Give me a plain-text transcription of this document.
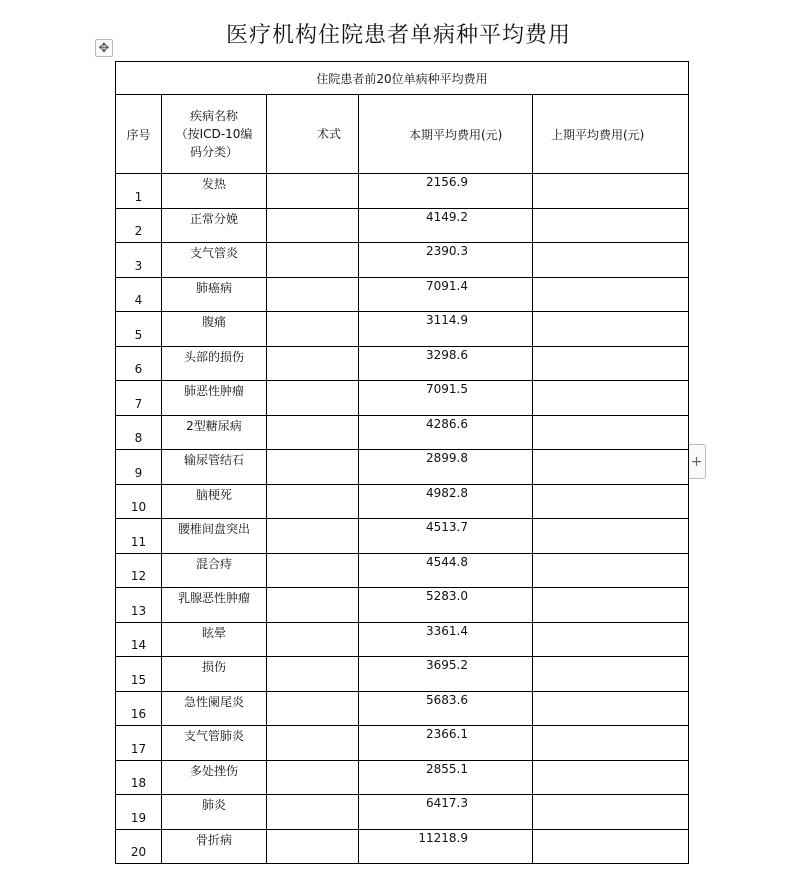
医疗机构住院患者单病种平均费用
✥
+
住院患者前20位单病种平均费用				
序号	疾病名称
（按ICD-10编
码分类）	术式	本期平均费用(元)	上期平均费用(元)
1	发热		2156.9	
2	正常分娩		4149.2	
3	支气管炎		2390.3	
4	肺癌病		7091.4	
5	腹痛		3114.9	
6	头部的损伤		3298.6	
7	肺恶性肿瘤		7091.5	
8	2型糖尿病		4286.6	
9	输尿管结石		2899.8	
10	脑梗死		4982.8	
11	腰椎间盘突出		4513.7	
12	混合痔		4544.8	
13	乳腺恶性肿瘤		5283.0	
14	眩晕		3361.4	
15	损伤		3695.2	
16	急性阑尾炎		5683.6	
17	支气管肺炎		2366.1	
18	多处挫伤		2855.1	
19	肺炎		6417.3	
20	骨折病		11218.9	
